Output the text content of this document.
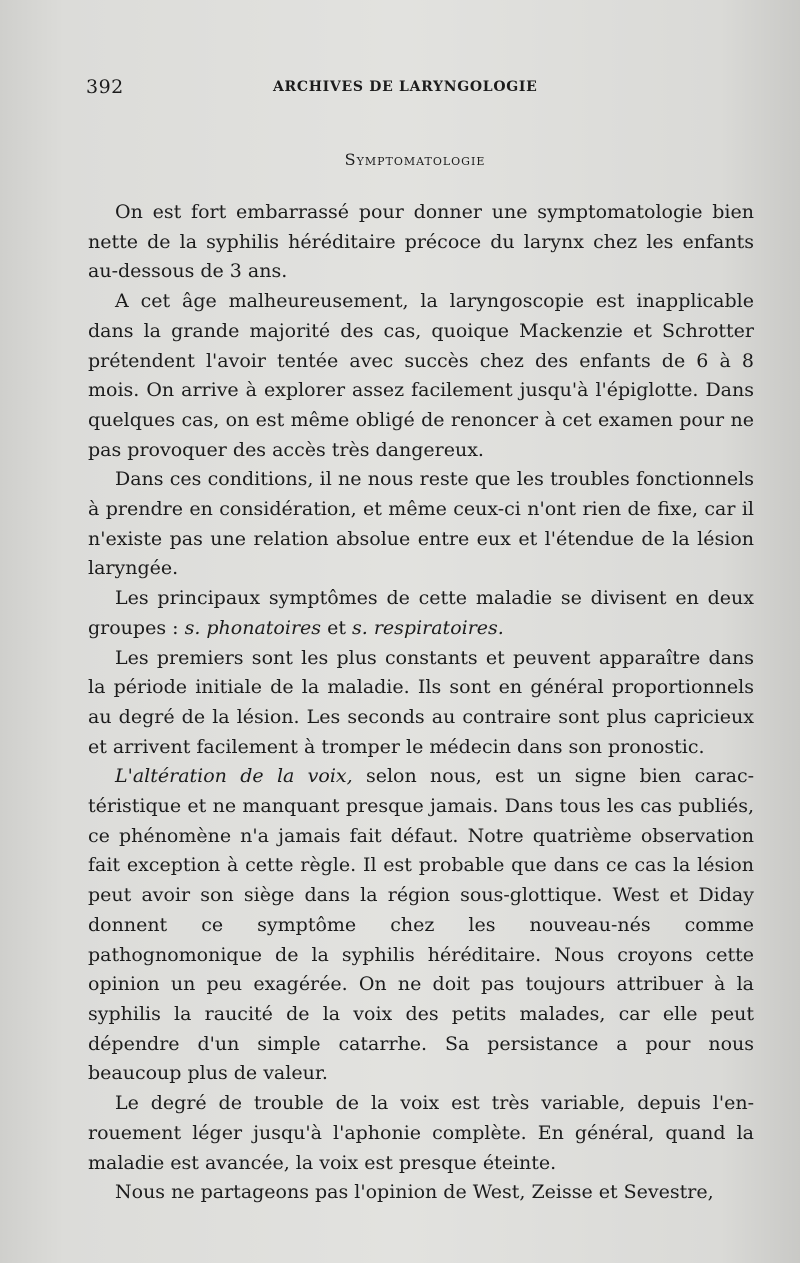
392	ARCHIVES DE LARYNGOLOGIE
Symptomatologie

On est fort embarrassé pour donner une symptomatologie bien nette de la syphilis héréditaire précoce du larynx chez les enfants au-dessous de 3 ans.

A cet âge malheureusement, la laryngoscopie est inapplicable dans la grande majorité des cas, quoique Mackenzie et Schrotter prétendent l'avoir tentée avec succès chez des enfants de 6 à 8 mois. On arrive à explorer assez facilement jusqu'à l'épiglotte. Dans quelques cas, on est même obligé de renoncer à cet examen pour ne pas provoquer des accès très dangereux.

Dans ces conditions, il ne nous reste que les troubles fonctionnels à prendre en considération, et même ceux-ci n'ont rien de fixe, car il n'existe pas une relation absolue entre eux et l'étendue de la lésion laryngée.

Les principaux symptômes de cette maladie se divisent en deux groupes : s. phonatoires et s. respiratoires.

Les premiers sont les plus constants et peuvent apparaître dans la période initiale de la maladie. Ils sont en général proportionnels au degré de la lésion. Les seconds au contraire sont plus capricieux et arrivent facilement à tromper le médecin dans son pronostic.

L'altération de la voix, selon nous, est un signe bien caractéristique et ne manquant presque jamais. Dans tous les cas publiés, ce phénomène n'a jamais fait défaut. Notre quatrième observation fait exception à cette règle. Il est probable que dans ce cas la lésion peut avoir son siège dans la région sous-glottique. West et Diday donnent ce symptôme chez les nouveau-nés comme pathognomonique de la syphilis héréditaire. Nous croyons cette opinion un peu exagérée. On ne doit pas toujours attribuer à la syphilis la raucité de la voix des petits malades, car elle peut dépendre d'un simple catarrhe. Sa persistance a pour nous beaucoup plus de valeur.

Le degré de trouble de la voix est très variable, depuis l'enrouement léger jusqu'à l'aphonie complète. En général, quand la maladie est avancée, la voix est presque éteinte.

Nous ne partageons pas l'opinion de West, Zeisse et Sevestre,
